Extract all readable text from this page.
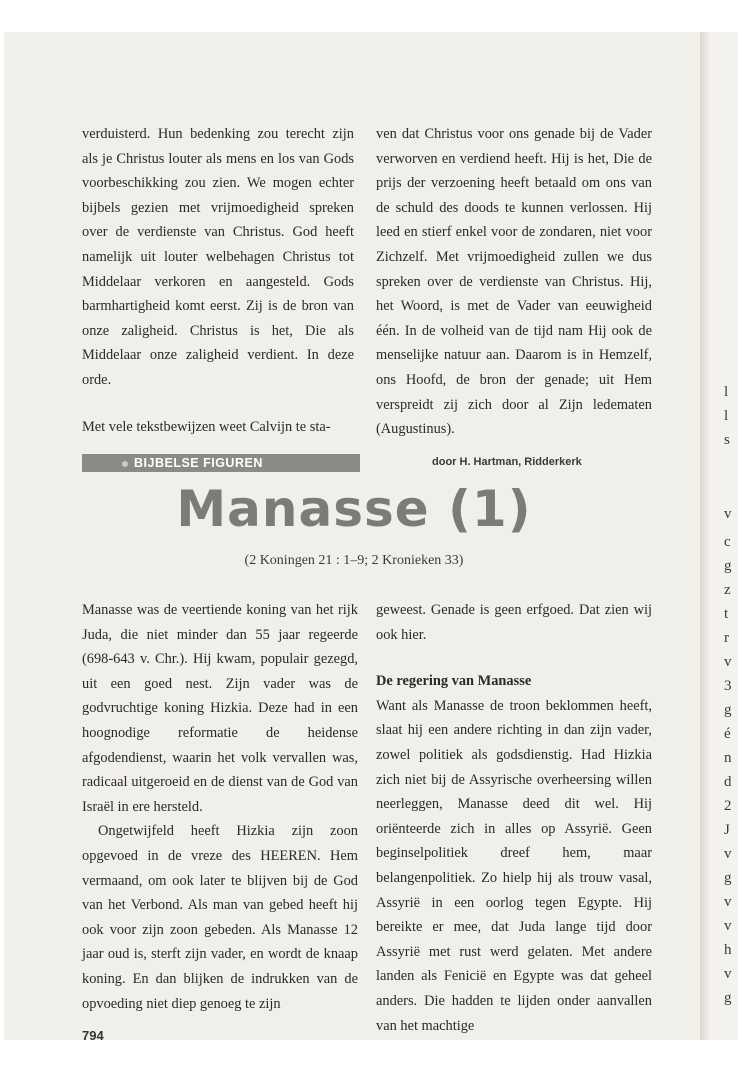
verduisterd. Hun bedenking zou terecht zijn als je Christus louter als mens en los van Gods voorbeschikking zou zien. We mogen echter bijbels gezien met vrijmoedigheid spreken over de verdienste van Christus. God heeft namelijk uit louter welbehagen Christus tot Middelaar verkoren en aangesteld. Gods barmhartigheid komt eerst. Zij is de bron van onze zaligheid. Christus is het, Die als Middelaar onze zaligheid verdient. In deze orde.

Met vele tekstbewijzen weet Calvijn te sta-

ven dat Christus voor ons genade bij de Vader verworven en verdiend heeft. Hij is het, Die de prijs der verzoening heeft betaald om ons van de schuld des doods te kunnen verlossen. Hij leed en stierf enkel voor de zondaren, niet voor Zichzelf. Met vrijmoedigheid zullen we dus spreken over de verdienste van Christus. Hij, het Woord, is met de Vader van eeuwigheid één. In de volheid van de tijd nam Hij ook de menselijke natuur aan. Daarom is in Hemzelf, ons Hoofd, de bron der genade; uit Hem verspreidt zij zich door al Zijn ledematen (Augustinus).

BIJBELSE FIGUREN	door H. Hartman, Ridderkerk
Manasse (1)
(2 Koningen 21 : 1–9; 2 Kronieken 33)

Manasse was de veertiende koning van het rijk Juda, die niet minder dan 55 jaar regeerde (698-643 v. Chr.). Hij kwam, populair gezegd, uit een goed nest. Zijn vader was de godvruchtige koning Hizkia. Deze had in een hoognodige reformatie de heidense afgodendienst, waarin het volk vervallen was, radicaal uitgeroeid en de dienst van de God van Israël in ere hersteld.

Ongetwijfeld heeft Hizkia zijn zoon opgevoed in de vreze des HEEREN. Hem vermaand, om ook later te blijven bij de God van het Verbond. Als man van gebed heeft hij ook voor zijn zoon gebeden. Als Manasse 12 jaar oud is, sterft zijn vader, en wordt de knaap koning. En dan blijken de indrukken van de opvoeding niet diep genoeg te zijn

geweest. Genade is geen erfgoed. Dat zien wij ook hier.

De regering van Manasse

Want als Manasse de troon beklommen heeft, slaat hij een andere richting in dan zijn vader, zowel politiek als godsdienstig. Had Hizkia zich niet bij de Assyrische overheersing willen neerleggen, Manasse deed dit wel. Hij oriënteerde zich in alles op Assyrië. Geen beginselpolitiek dreef hem, maar belangenpolitiek. Zo hielp hij als trouw vasal, Assyrië in een oorlog tegen Egypte. Hij bereikte er mee, dat Juda lange tijd door Assyrië met rust werd gelaten. Met andere landen als Fenicië en Egypte was dat geheel anders. Die hadden te lijden onder aanvallen van het machtige

794
l
l
s
v
c
g
z
t
r
v
3
g
é
n
d
2
J
v
g
v
v
h
v
g
